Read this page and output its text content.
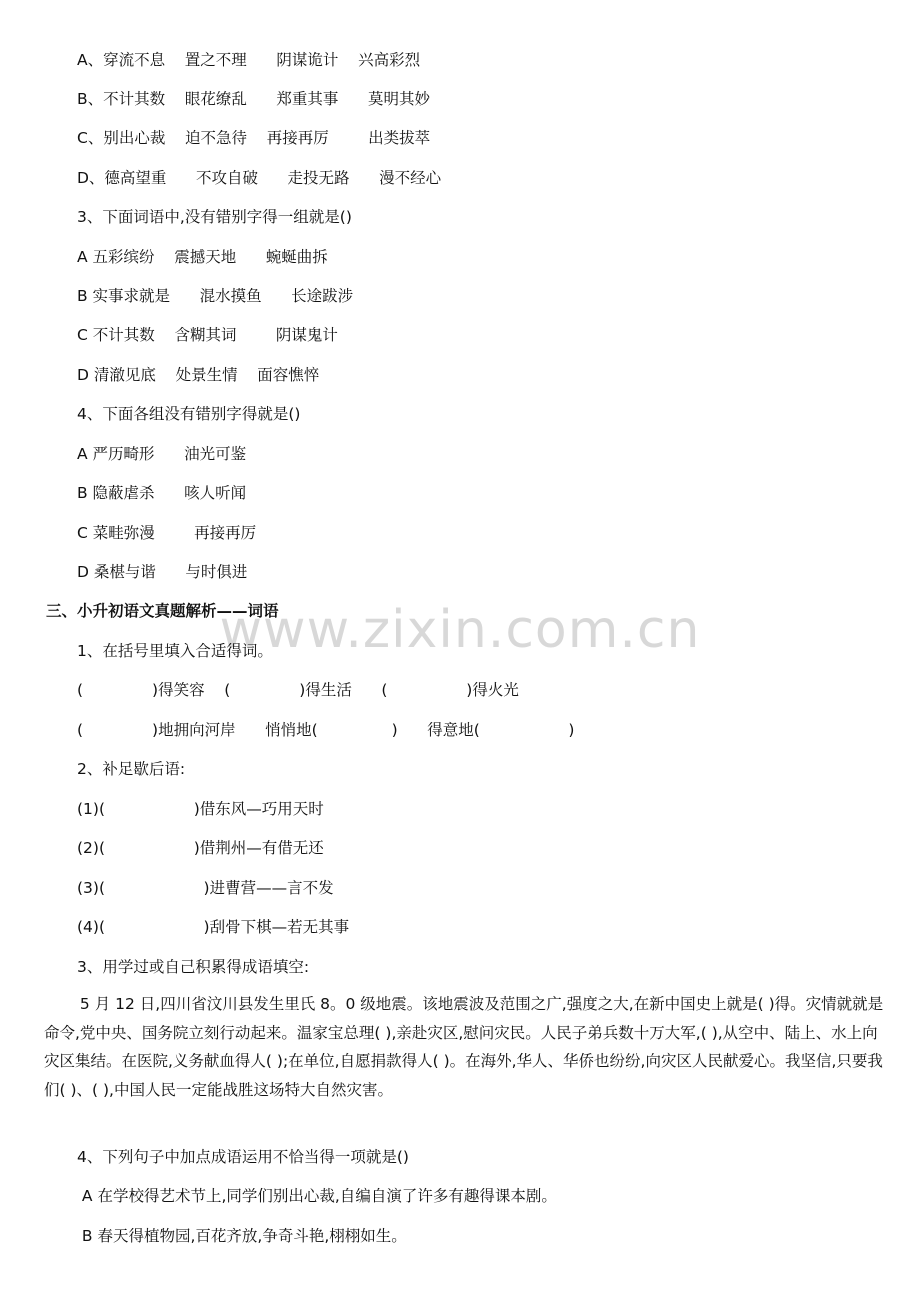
www.zixin.com.cn
A、穿流不息    置之不理      阴谋诡计    兴高彩烈
B、不计其数    眼花缭乱      郑重其事      莫明其妙
C、别出心裁    迫不急待    再接再厉        出类拔萃
D、德高望重      不攻自破      走投无路      漫不经心
3、下面词语中,没有错别字得一组就是()
A 五彩缤纷    震撼天地      蜿蜒曲拆
B 实事求就是      混水摸鱼      长途跋涉
C 不计其数    含糊其词        阴谋鬼计
D 清澈见底    处景生情    面容憔悴
4、下面各组没有错别字得就是()
A 严历畸形      油光可鉴
B 隐蔽虐杀      咳人听闻
C 菜畦弥漫        再接再厉
D 桑椹与谐      与时俱进
三、小升初语文真题解析——词语
1、在括号里填入合适得词。
(              )得笑容    (              )得生活      (                )得火光
(              )地拥向河岸      悄悄地(               )      得意地(                  )
2、补足歇后语:
(1)(                  )借东风—巧用天时
(2)(                  )借荆州—有借无还
(3)(                    )进曹营——言不发
(4)(                    )刮骨下棋—若无其事
3、用学过或自己积累得成语填空:
　　 5 月 12 日,四川省汶川县发生里氏 8。0 级地震。该地震波及范围之广,强度之大,在新中国史上就是( )得。灾情就就是命令,党中央、国务院立刻行动起来。温家宝总理( ),亲赴灾区,慰问灾民。人民子弟兵数十万大军,( ),从空中、陆上、水上向灾区集结。在医院,义务献血得人( );在单位,自愿捐款得人( )。在海外,华人、华侨也纷纷,向灾区人民献爱心。我坚信,只要我们( )、( ),中国人民一定能战胜这场特大自然灾害。
4、下列句子中加点成语运用不恰当得一项就是()
A 在学校得艺术节上,同学们别出心裁,自编自演了许多有趣得课本剧。
B 春天得植物园,百花齐放,争奇斗艳,栩栩如生。
